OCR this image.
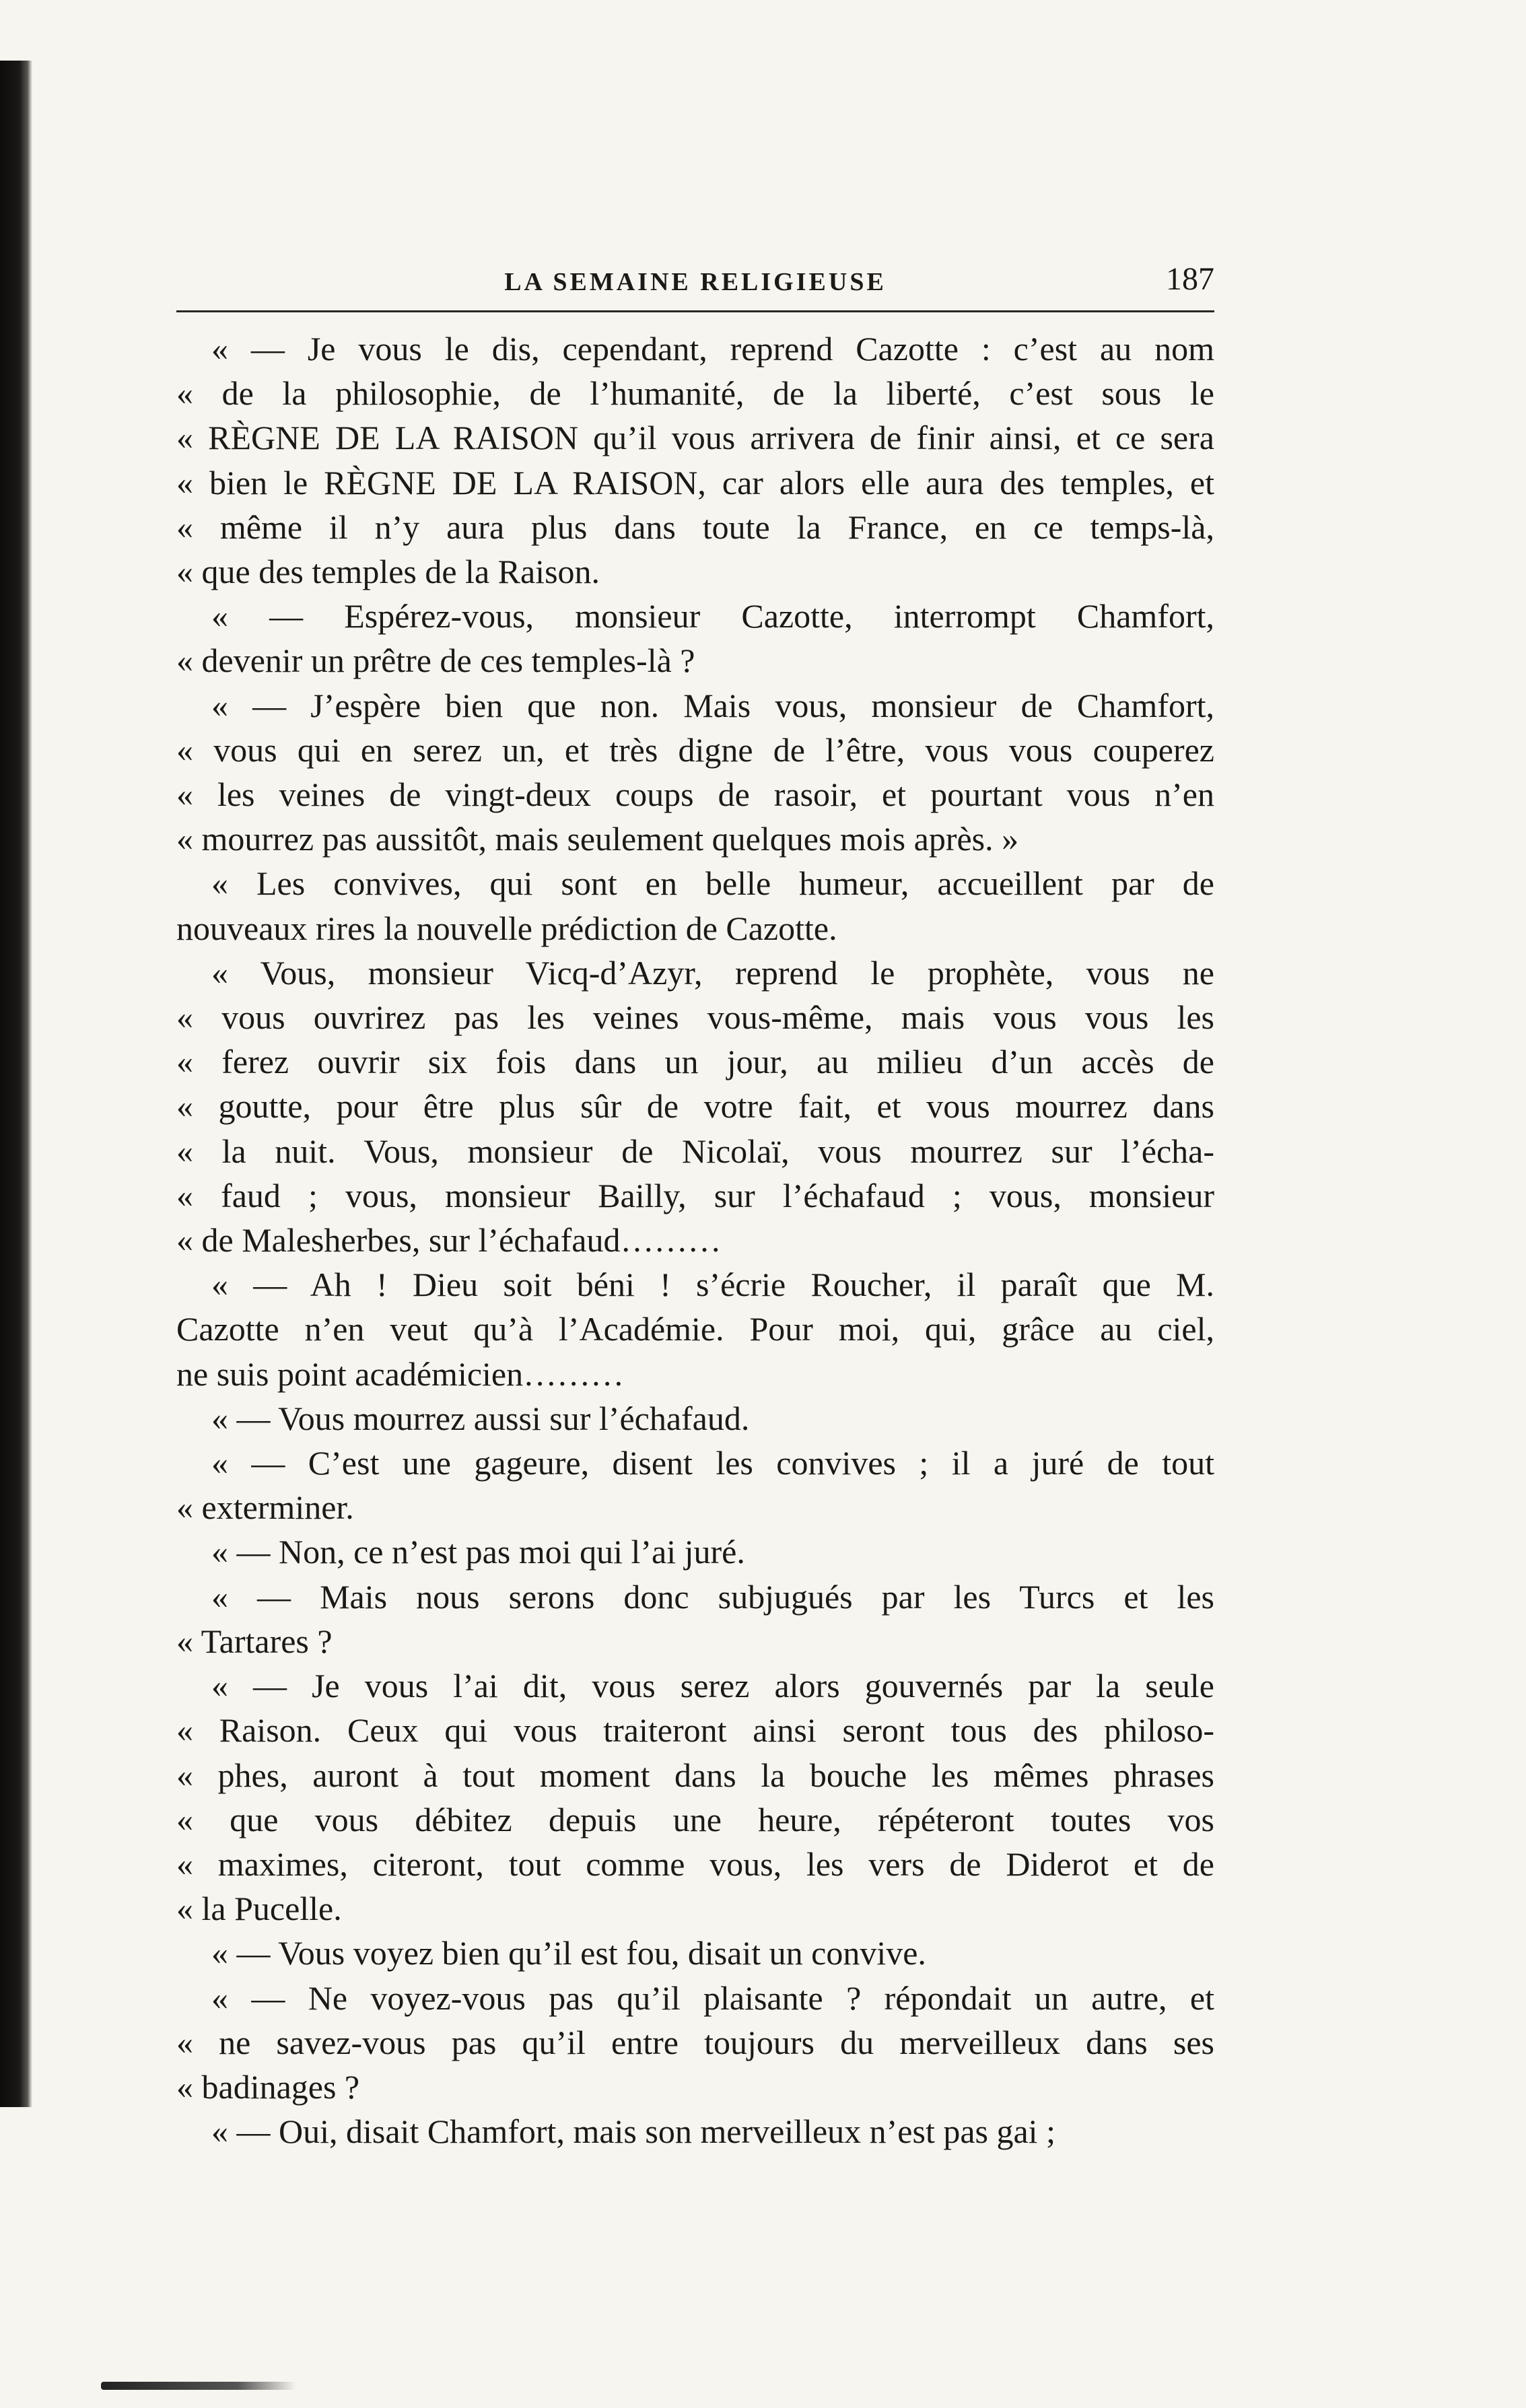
LA SEMAINE RELIGIEUSE	187
« — Je vous le dis, cependant, reprend Cazotte : c’est au nom
« de la philosophie, de l’humanité, de la liberté, c’est sous le
« RÈGNE DE LA RAISON qu’il vous arrivera de finir ainsi, et ce sera
« bien le RÈGNE DE LA RAISON, car alors elle aura des temples, et
« même il n’y aura plus dans toute la France, en ce temps-là,
« que des temples de la Raison.
« — Espérez-vous, monsieur Cazotte, interrompt Chamfort,
« devenir un prêtre de ces temples-là ?
« — J’espère bien que non. Mais vous, monsieur de Chamfort,
« vous qui en serez un, et très digne de l’être, vous vous couperez
« les veines de vingt-deux coups de rasoir, et pourtant vous n’en
« mourrez pas aussitôt, mais seulement quelques mois après. »
« Les convives, qui sont en belle humeur, accueillent par de
nouveaux rires la nouvelle prédiction de Cazotte.
« Vous, monsieur Vicq-d’Azyr, reprend le prophète, vous ne
« vous ouvrirez pas les veines vous-même, mais vous vous les
« ferez ouvrir six fois dans un jour, au milieu d’un accès de
« goutte, pour être plus sûr de votre fait, et vous mourrez dans
« la nuit. Vous, monsieur de Nicolaï, vous mourrez sur l’écha-
« faud ; vous, monsieur Bailly, sur l’échafaud ; vous, monsieur
« de Malesherbes, sur l’échafaud………
« — Ah ! Dieu soit béni ! s’écrie Roucher, il paraît que M.
Cazotte n’en veut qu’à l’Académie. Pour moi, qui, grâce au ciel,
ne suis point académicien………
« — Vous mourrez aussi sur l’échafaud.
« — C’est une gageure, disent les convives ; il a juré de tout
« exterminer.
« — Non, ce n’est pas moi qui l’ai juré.
« — Mais nous serons donc subjugués par les Turcs et les
« Tartares ?
« — Je vous l’ai dit, vous serez alors gouvernés par la seule
« Raison. Ceux qui vous traiteront ainsi seront tous des philoso-
« phes, auront à tout moment dans la bouche les mêmes phrases
« que vous débitez depuis une heure, répéteront toutes vos
« maximes, citeront, tout comme vous, les vers de Diderot et de
« la Pucelle.
« — Vous voyez bien qu’il est fou, disait un convive.
« — Ne voyez-vous pas qu’il plaisante ? répondait un autre, et
« ne savez-vous pas qu’il entre toujours du merveilleux dans ses
« badinages ?
« — Oui, disait Chamfort, mais son merveilleux n’est pas gai ;
